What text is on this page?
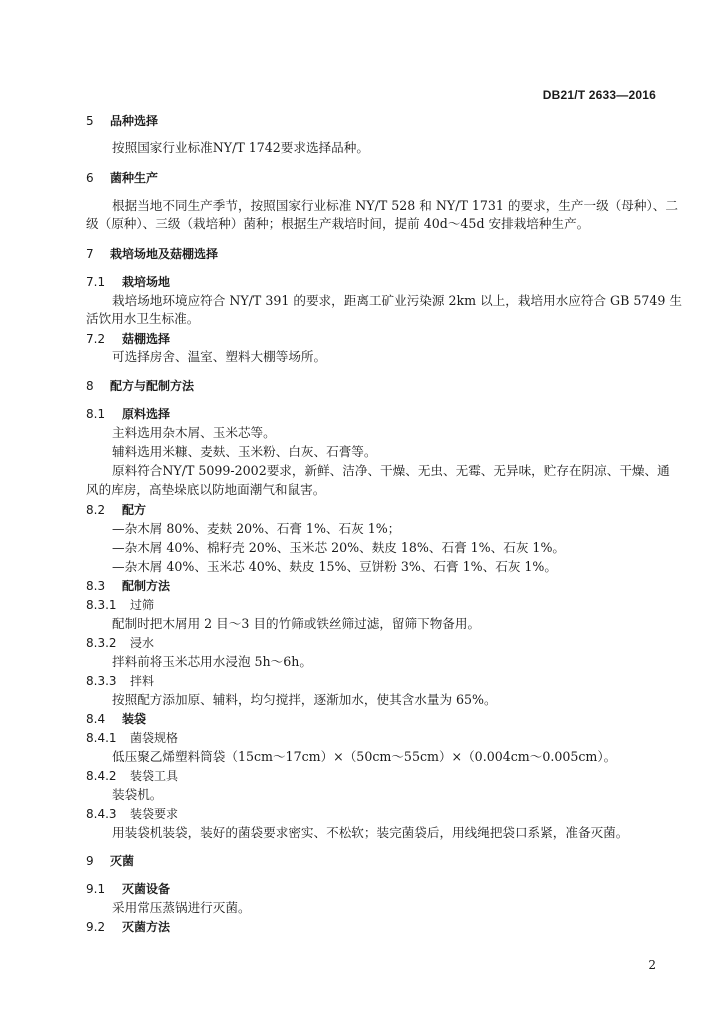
DB21/T 2633—2016
5 品种选择
按照国家行业标准NY/T 1742要求选择品种。
6 菌种生产
根据当地不同生产季节，按照国家行业标准 NY/T 528 和 NY/T 1731 的要求，生产一级（母种）、二
级（原种）、三级（栽培种）菌种；根据生产栽培时间，提前 40d～45d 安排栽培种生产。
7 栽培场地及菇棚选择
7.1 栽培场地
栽培场地环境应符合 NY/T 391 的要求，距离工矿业污染源 2km 以上，栽培用水应符合 GB 5749 生
活饮用水卫生标准。
7.2 菇棚选择
可选择房舍、温室、塑料大棚等场所。
8 配方与配制方法
8.1 原料选择
主料选用杂木屑、玉米芯等。
辅料选用米糠、麦麸、玉米粉、白灰、石膏等。
原料符合NY/T 5099-2002要求，新鲜、洁净、干燥、无虫、无霉、无异味，贮存在阴凉、干燥、通
风的库房，高垫垛底以防地面潮气和鼠害。
8.2 配方
—杂木屑 80%、麦麸 20%、石膏 1%、石灰 1%；
—杂木屑 40%、棉籽壳 20%、玉米芯 20%、麸皮 18%、石膏 1%、石灰 1%。
—杂木屑 40%、玉米芯 40%、麸皮 15%、豆饼粉 3%、石膏 1%、石灰 1%。
8.3 配制方法
8.3.1 过筛
配制时把木屑用 2 目～3 目的竹筛或铁丝筛过滤，留筛下物备用。
8.3.2 浸水
拌料前将玉米芯用水浸泡 5h～6h。
8.3.3 拌料
按照配方添加原、辅料，均匀搅拌，逐渐加水，使其含水量为 65%。
8.4 装袋
8.4.1 菌袋规格
低压聚乙烯塑料筒袋（15cm～17cm）×（50cm～55cm）×（0.004cm～0.005cm）。
8.4.2 装袋工具
装袋机。
8.4.3 装袋要求
用装袋机装袋，装好的菌袋要求密实、不松软；装完菌袋后，用线绳把袋口系紧，准备灭菌。
9 灭菌
9.1 灭菌设备
采用常压蒸锅进行灭菌。
9.2 灭菌方法
2
